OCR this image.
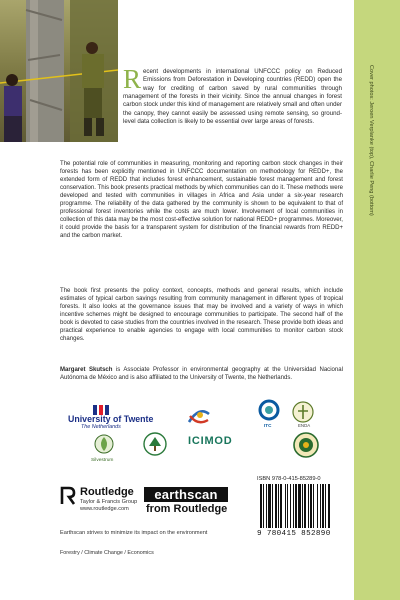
Recent developments in international UNFCCC policy on Reduced Emissions from Deforestation in Developing countries (REDD) open the way for crediting of carbon saved by rural communities through management of the forests in their vicinity. Since the annual changes in forest carbon stock under this kind of management are relatively small and often under the canopy, they cannot easily be assessed using remote sensing, so ground-level data collection is likely to be essential over large areas of forests.
The potential role of communities in measuring, monitoring and reporting carbon stock changes in their forests has been explicitly mentioned in UNFCCC documentation on methodology for REDD+, the extended form of REDD that includes forest enhancement, sustainable forest management and forest conservation. This book presents practical methods by which communities can do it. These methods were developed and tested with communities in villages in Africa and Asia under a six-year research programme. The reliability of the data gathered by the community is shown to be equivalent to that of professional forest inventories while the costs are much lower. Involvement of local communities in collection of this data may be the most cost-effective solution for national REDD+ programmes. Moreover, it could provide the basis for a transparent system for distribution of the financial rewards from REDD+ and the carbon market.
The book first presents the policy context, concepts, methods and general results, which include estimates of typical carbon savings resulting from community management in different types of tropical forests. It also looks at the governance issues that may be involved and a variety of ways in which incentive schemes might be designed to encourage communities to participate. The second half of the book is devoted to case studies from the countries involved in the research. These provide both ideas and practical experience to enable agencies to engage with local communities to monitor carbon stock changes.
Margaret Skutsch is Associate Professor in environmental geography at the Universidad Nacional Autónoma de México and is also affiliated to the University of Twente, the Netherlands.
Cover photos: Jeroen Verplanke (top), Charlie Peng (bottom)
University of Twente
The Netherlands	ITC	ENDA
Silvestrum
ICIMOD
Routledge
Taylor & Francis Group
www.routledge.com
earthscan
from Routledge
Earthscan strives to minimize its impact on the environment
Forestry / Climate Change / Economics
ISBN 978-0-415-85289-0
9 780415 852890
